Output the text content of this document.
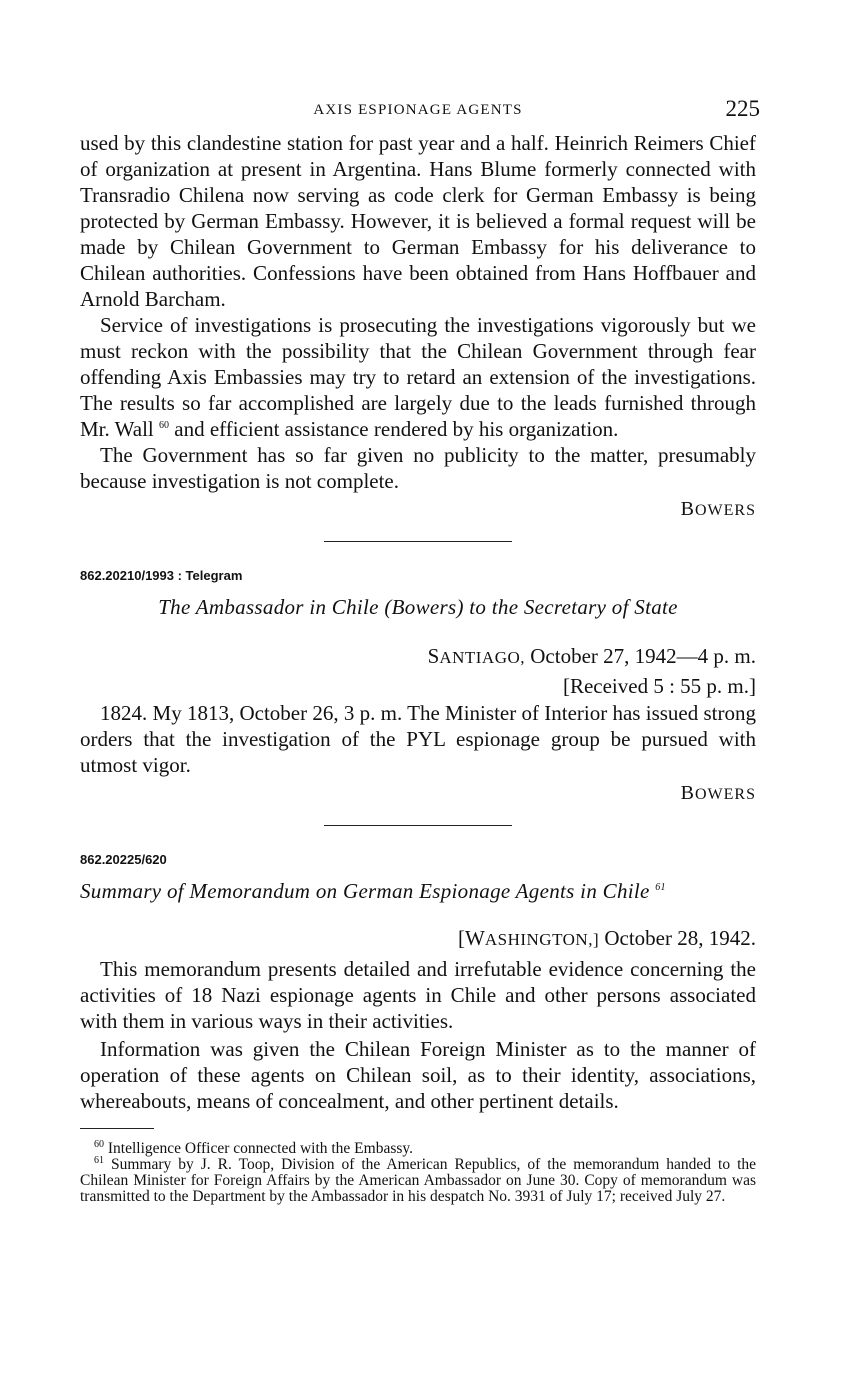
AXIS ESPIONAGE AGENTS	225

used by this clandestine station for past year and a half. Heinrich Reimers Chief of organization at present in Argentina. Hans Blume formerly connected with Transradio Chilena now serving as code clerk for German Embassy is being protected by German Embassy. However, it is believed a formal request will be made by Chilean Government to German Embassy for his deliverance to Chilean authorities. Confessions have been obtained from Hans Hoffbauer and Arnold Barcham.

Service of investigations is prosecuting the investigations vigorously but we must reckon with the possibility that the Chilean Government through fear offending Axis Embassies may try to retard an extension of the investigations. The results so far accomplished are largely due to the leads furnished through Mr. Wall $^{60}$ and efficient assistance rendered by his organization.

The Government has so far given no publicity to the matter, presumably because investigation is not complete.

BOWERS
862.20210/1993 : Telegram
The Ambassador in Chile (Bowers) to the Secretary of State
SANTIAGO, October 27, 1942—4 p. m.
[Received 5 : 55 p. m.]

1824. My 1813, October 26, 3 p. m. The Minister of Interior has issued strong orders that the investigation of the PYL espionage group be pursued with utmost vigor.

BOWERS
862.20225/620
Summary of Memorandum on German Espionage Agents in Chile $^{61}$
[WASHINGTON,] October 28, 1942.

This memorandum presents detailed and irrefutable evidence concerning the activities of 18 Nazi espionage agents in Chile and other persons associated with them in various ways in their activities.

Information was given the Chilean Foreign Minister as to the manner of operation of these agents on Chilean soil, as to their identity, associations, whereabouts, means of concealment, and other pertinent details.

$^{60}$ Intelligence Officer connected with the Embassy.

$^{61}$ Summary by J. R. Toop, Division of the American Republics, of the memorandum handed to the Chilean Minister for Foreign Affairs by the American Ambassador on June 30. Copy of memorandum was transmitted to the Department by the Ambassador in his despatch No. 3931 of July 17; received July 27.
